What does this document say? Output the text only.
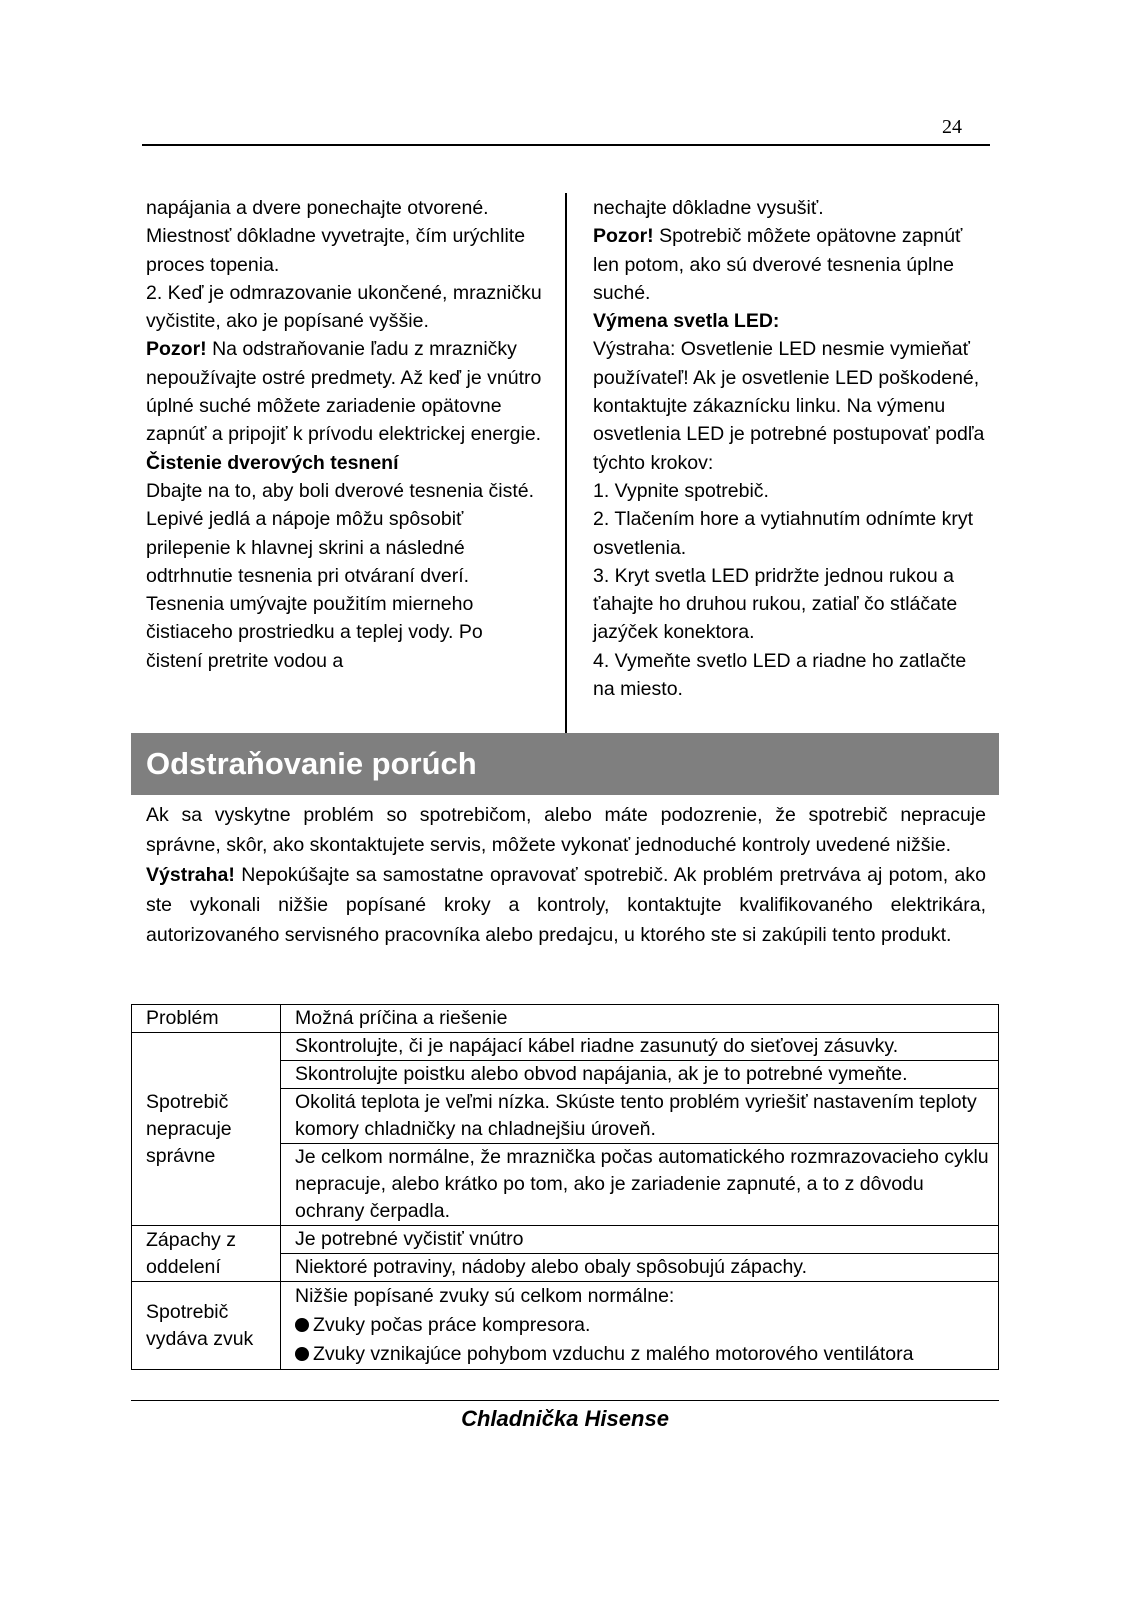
24

napájania a dvere ponechajte otvorené. Miestnosť dôkladne vyvetrajte, čím urýchlite proces topenia.

2. Keď je odmrazovanie ukončené, mrazničku vyčistite, ako je popísané vyššie.

Pozor! Na odstraňovanie ľadu z mrazničky nepoužívajte ostré predmety. Až keď je vnútro úplné suché môžete zariadenie opätovne zapnúť a pripojiť k prívodu elektrickej energie.

Čistenie dverových tesnení

Dbajte na to, aby boli dverové tesnenia čisté. Lepivé jedlá a nápoje môžu spôsobiť prilepenie k hlavnej skrini a následné odtrhnutie tesnenia pri otváraní dverí. Tesnenia umývajte použitím mierneho čistiaceho prostriedku a teplej vody. Po čistení pretrite vodou a

nechajte dôkladne vysušiť.

Pozor! Spotrebič môžete opätovne zapnúť len potom, ako sú dverové tesnenia úplne suché.

Výmena svetla LED:

Výstraha: Osvetlenie LED nesmie vymieňať používateľ! Ak je osvetlenie LED poškodené, kontaktujte zákaznícku linku. Na výmenu osvetlenia LED je potrebné postupovať podľa týchto krokov:

1. Vypnite spotrebič.

2. Tlačením hore a vytiahnutím odnímte kryt osvetlenia.

3. Kryt svetla LED pridržte jednou rukou a ťahajte ho druhou rukou, zatiaľ čo stláčate jazýček konektora.

4. Vymeňte svetlo LED a riadne ho zatlačte na miesto.

Odstraňovanie porúch

Ak sa vyskytne problém so spotrebičom, alebo máte podozrenie, že spotrebič nepracuje správne, skôr, ako skontaktujete servis, môžete vykonať jednoduché kontroly uvedené nižšie.

Výstraha! Nepokúšajte sa samostatne opravovať spotrebič. Ak problém pretrváva aj potom, ako ste vykonali nižšie popísané kroky a kontroly, kontaktujte kvalifikovaného elektrikára, autorizovaného servisného pracovníka alebo predajcu, u ktorého ste si zakúpili tento produkt.

Problém	Možná príčina a riešenie
Spotrebič nepracuje správne	Skontrolujte, či je napájací kábel riadne zasunutý do sieťovej zásuvky.
	Skontrolujte poistku alebo obvod napájania, ak je to potrebné vymeňte.
	Okolitá teplota je veľmi nízka. Skúste tento problém vyriešiť nastavením teploty komory chladničky na chladnejšiu úroveň.
	Je celkom normálne, že mraznička počas automatického rozmrazovacieho cyklu nepracuje, alebo krátko po tom, ako je zariadenie zapnuté, a to z dôvodu ochrany čerpadla.
Zápachy z oddelení	Je potrebné vyčistiť vnútro
	Niektoré potraviny, nádoby alebo obaly spôsobujú zápachy.
Spotrebič vydáva zvuk	Nižšie popísané zvuky sú celkom normálne:
Zvuky počas práce kompresora.
Zvuky vznikajúce pohybom vzduchu z malého motorového ventilátora
Chladnička Hisense
